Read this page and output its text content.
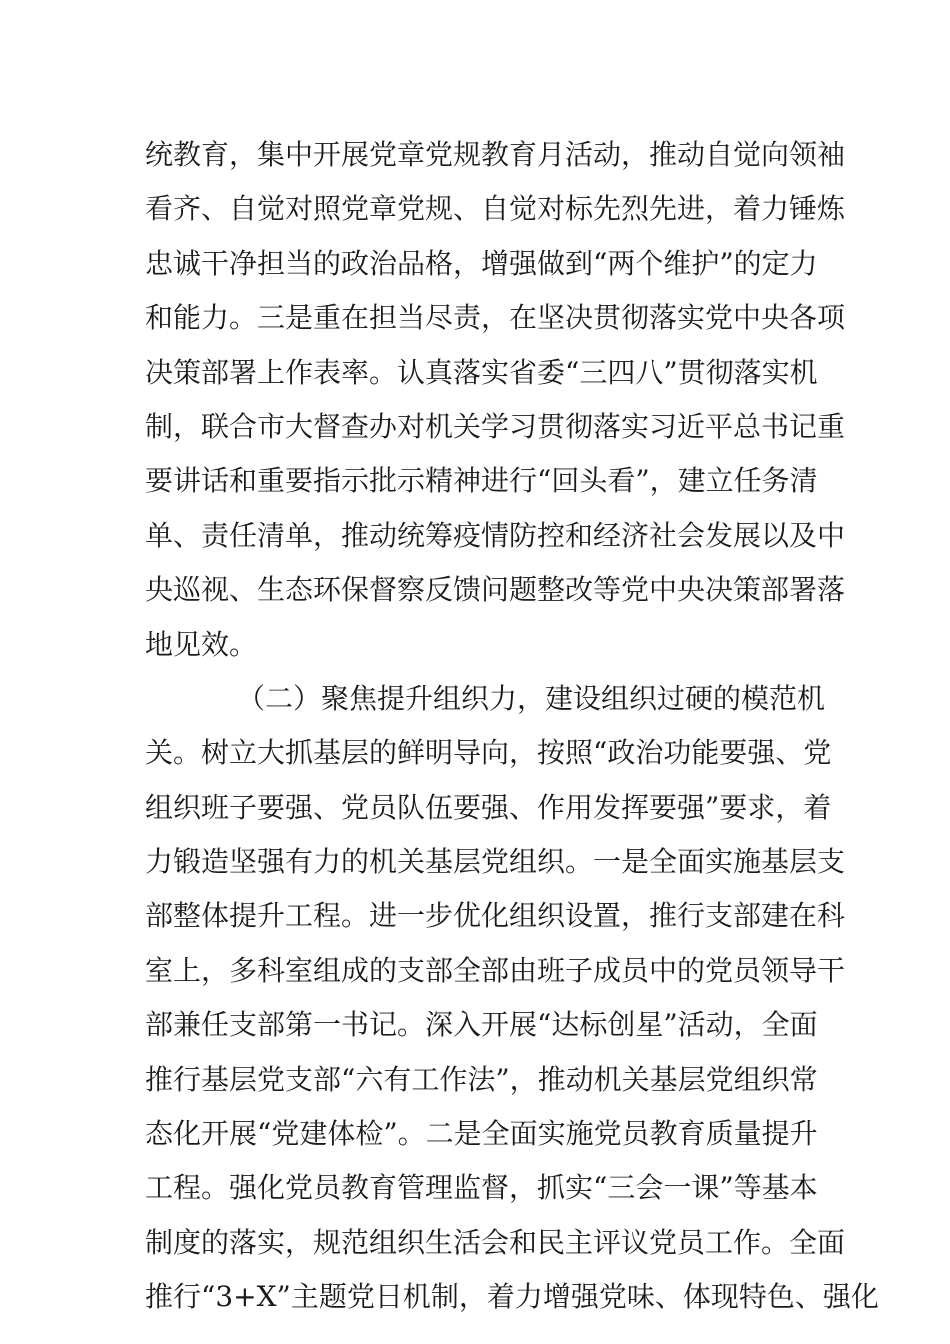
统教育，集中开展党章党规教育月活动，推动自觉向领袖
看齐、自觉对照党章党规、自觉对标先烈先进，着力锤炼
忠诚干净担当的政治品格，增强做到“两个维护”的定力
和能力。三是重在担当尽责，在坚决贯彻落实党中央各项
决策部署上作表率。认真落实省委“三四八”贯彻落实机
制，联合市大督查办对机关学习贯彻落实习近平总书记重
要讲话和重要指示批示精神进行“回头看”，建立任务清
单、责任清单，推动统筹疫情防控和经济社会发展以及中
央巡视、生态环保督察反馈问题整改等党中央决策部署落
地见效。
（二）聚焦提升组织力，建设组织过硬的模范机
关。树立大抓基层的鲜明导向，按照“政治功能要强、党
组织班子要强、党员队伍要强、作用发挥要强”要求，着
力锻造坚强有力的机关基层党组织。一是全面实施基层支
部整体提升工程。进一步优化组织设置，推行支部建在科
室上，多科室组成的支部全部由班子成员中的党员领导干
部兼任支部第一书记。深入开展“达标创星”活动，全面
推行基层党支部“六有工作法”，推动机关基层党组织常
态化开展“党建体检”。二是全面实施党员教育质量提升
工程。强化党员教育管理监督，抓实“三会一课”等基本
制度的落实，规范组织生活会和民主评议党员工作。全面
推行“3+X”主题党日机制，着力增强党味、体现特色、强化
